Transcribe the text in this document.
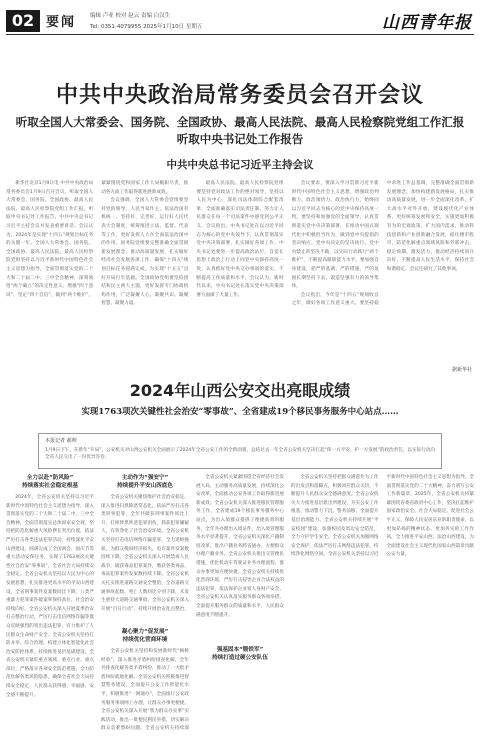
02 要闻	编辑 卢亚 校对 赵云 责编 白汉生
Tel: 0351-4079955 2025年1月10日 星期五	山西青年报
中共中央政治局常务委员会召开会议
听取全国人大常委会、国务院、全国政协、最高人民法院、最高人民检察院党组工作汇报
听取中央书记处工作报告
中共中央总书记习近平主持会议

新华社北京1月9日电 中共中央政治局常务委员会1月9日召开会议，听取全国人大常委会、国务院、全国政协、最高人民法院、最高人民检察院党组工作汇报，听取中央书记处工作报告。中共中央总书记习近平主持会议并发表重要讲话。会议认为，2024年是实现“十四五”规划目标任务的关键一年。全国人大常委会、国务院、全国政协、最高人民法院、最高人民检察院党组坚持以习近平新时代中国特色社会主义思想为指导，全面贯彻落实党的二十大和二十届二中、三中全会精神，深刻领悟“两个确立”的决定性意义，增强“四个意识”、坚定“四个自信”、做到“两个维护”，紧紧围绕党和国家工作大局履职尽责，推动各方面工作取得新进展新成效。

会议强调，全国人大常委会党组要坚持党的领导、人民当家作主、依法治国有机统一，坚持好、完善好、运行好人民代表大会制度，统筹推进立法、监督、代表等工作，更好发挥人大在全面依法治国中的作用。国务院党组要完整准确全面贯彻新发展理念，推动高质量发展，扎实做好经济社会发展各项工作，确保“十四五”规划目标任务圆满完成，为实现“十五五”良好开局打牢基础。全国政协党组要坚持团结和民主两大主题，更好发挥专门协商机构作用，广泛凝聚人心、凝聚共识、凝聚智慧、凝聚力量。

最高人民法院、最高人民检察院党组要坚持党对政法工作的绝对领导，坚持以人民为中心，深化司法体制综合配套改革，全面准确落实司法责任制，努力让人民群众在每一个司法案件中感受到公平正义。会议指出，中央书记处在以习近平同志为核心的党中央领导下，认真贯彻落实党中央决策部署，扎实做好各项工作。中央书记处要进一步提高政治站位，自觉在思想上政治上行动上同党中央保持高度一致，认真抓好党中央交办事项的落实，不断提高工作质量和水平。会议认为，新时代以来，中央书记处在落实党中央决策部署方面做了大量工作。

会议要求，要深入学习贯彻习近平新时代中国特色社会主义思想，增强政治判断力、政治领悟力、政治执行力，始终同以习近平同志为核心的党中央保持高度一致。要坚持和加强党的全面领导，认真贯彻落实党中央决策部署，在推动中国式现代化中积极担当作为，做到党中央提倡的坚决响应、党中央决定的坚决执行、党中央禁止的坚决不做，以实际行动践行“两个维护”，不断提高履职能力水平。要加强自身建设，把严的基调、严的措施、严的氛围长期坚持下去，锻造坚强有力的领导集体。

会议指出，今年是“十四五”规划收官之年，做好各项工作意义重大。要坚持稳中求进工作总基调，完整准确全面贯彻新发展理念，加快构建新发展格局，扎实推动高质量发展，进一步全面深化改革，扩大高水平对外开放，建设现代化产业体系，更好统筹发展和安全，实施更加积极有为的宏观政策，扩大国内需求，推动科技创新和产业创新融合发展，稳住楼市股市，防范化解重点领域风险和外部冲击，稳定预期、激发活力，推动经济持续回升向好，不断提高人民生活水平，保持社会和谐稳定。会议还研究了其他事项。

据新华社
2024年山西公安交出亮眼成绩
实现1763项次关键性社会治安“零事故”、全省建成19个移民事务服务中心站点……
本报记者 郝帅
1月9日下午，在新年“开局”，公安机关对山西公安机关全面展示了2024年全省公安工作的全新面貌，总结过去一年全省公安机关坚决扛起“保一方平安、护一方发展”的政治责任，以实际行动向全省人民交出了一份优异答卷。
全力以赴“防风险”
持续落实社会稳定根基

2024年，全省公安机关坚持以习近平新时代中国特色社会主义思想为指导，深入贯彻落实党的二十大和二十届二中、三中全会精神，全面贯彻落实总体国家安全观，坚持把防范化解重大风险摆在突出位置，依法严厉打击各类违法犯罪活动，持续深化平安山西建设，圆满完成了全国两会、国庆节等重大活动安保任务，实现了1763项次关键性社会治安“零事故”，全省社会大局持续安全稳定。全省公安机关坚持以人民为中心的发展思想，扎实推进更高水平的平安山西建设，全省刑事案件发案数同比下降，八类严重暴力犯罪案件破案率保持高位，社会治安持续向好。全省公安机关深入开展夏季治安打击整治行动，严厉打击电信网络诈骗等群众反映强烈的突出违法犯罪，有力维护了人民群众生命财产安全。全省公安机关坚持打防并举、综合治理，构建立体化智能化社会治安防控体系，持续推进基层基础建设。全省公安机关紧盯重点领域、重点行业、重点部位，严格落实各项安全防范措施，全力防范化解各类风险隐患，确保全省社会大局持续安全稳定，人民群众获得感、幸福感、安全感不断提升。

主动作为“强安宁”
持续提升平安山西底色

全省公安机关聚焦维护社会治安稳定，深入推进扫黑除恶常态化，依法严厉打击各类刑事犯罪，全年共破获刑事案件同比上升，打掉涉黑涉恶犯罪团伙，抓获犯罪嫌疑人，有效净化了社会治安环境。全省公安机关坚持打击电信网络诈骗犯罪，全力追赃挽损，为群众挽回经济损失，电诈案件发案数持续下降。全省公安机关深入开展禁毒人民战争，破获毒品犯罪案件，缴获各类毒品，毒品犯罪案件发案数持续下降。全省公安机关扎实推进道路交通安全整治，全省道路交通事故起数、死亡人数同比分别下降，未发生重特大道路交通事故。全省公安机关深入开展“百日行动”，持续开展治安乱点整治，

凝心聚力“促发展”
持续优化营商环境

全省公安机关坚持和发展新时代“枫桥经验”，深入推进矛盾纠纷排查化解，全年共排查化解各类矛盾纠纷，推动了一大批矛盾纠纷就地化解。全省公安机关积极推进智慧警务建设，全面提升公安工作智能化水平，积极推进“一网通办”，全面推行公安政务服务事项网上办理，让群众办事更便捷。全省公安机关深入开展“我为群众办实事”实践活动，推出一批便民利民举措，切实解决群众急难愁盼问题。全省公安机关持续深

全省公安机关紧紧围绕全省经济社会发展大局，主动服务高质量发展，持续深化公安改革，全面推动公安各项工作取得新进展新成效。全省公安机关深入推进移民管理服务工作，全省建成19个移民事务服务中心站点，为出入境群众提供了便捷高效的服务，全年共办理出入境证件，出入境管理服务水平显著提升。全省公安机关深化户籍制度改革，推出户籍业务跨省通办，方便群众办理户籍业务。全省公安机关推出交管便民措施，优化机动车驾驶证业务办理流程，群众办事更加方便快捷。全省公安机关持续优化营商环境，严厉打击侵害企业合法权益的违法犯罪，依法保护企业家人身财产安全。全省公安机关认真落实服务群众各项举措，全面提升服务群众的质量和水平，人民群众满意度不断提升。

强基固本“锻铁军”
持续打造过硬公安队伍

全省公安机关坚持把群众满意作为工作的出发点和落脚点，积极回应群众关切，不断提升人民群众安全感满意度。全省公安机关大力推进基层派出所建设，夯实公安工作根基，推动警力下沉，警务前移，全面提升基层治理能力。全省公安机关持续开展“平安校园”建设，加强校园及周边安全防范，全力守护学生安全。全省公安机关加强网络安全保护，依法严厉打击网络违法犯罪，持续净化网络空间。全省公安机关坚持以习近平新时代中国特色社会主义思想为指导，全面贯彻落实党的二十大精神，奋力谱写公安工作新篇章。2025年，全省公安机关将紧紧围绕省委省政府中心工作，坚决扛起维护国家政治安全、社会大局稳定、促进社会公平正义、保障人民安居乐业的职责使命，以更加昂扬的精神状态、更加务实的工作作风，全力推进平安山西、法治山西建设，为全面建设社会主义现代化国家山西篇章贡献公安力量。
